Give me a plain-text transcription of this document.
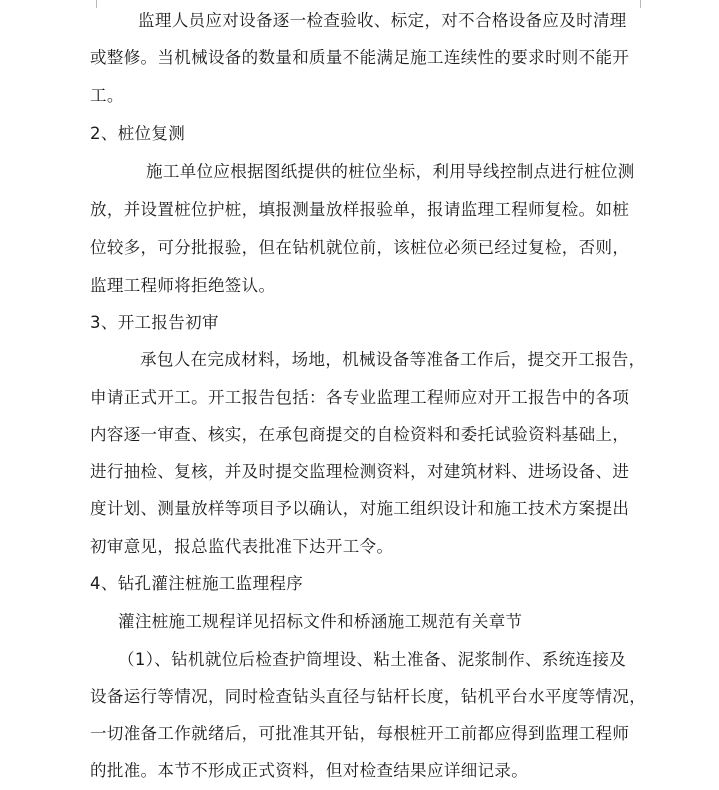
监理人员应对设备逐一检查验收、标定，对不合格设备应及时清理
或整修。当机械设备的数量和质量不能满足施工连续性的要求时则不能开
工。
2、桩位复测
施工单位应根据图纸提供的桩位坐标，利用导线控制点进行桩位测
放，并设置桩位护桩，填报测量放样报验单，报请监理工程师复检。如桩
位较多，可分批报验，但在钻机就位前，该桩位必须已经过复检，否则，
监理工程师将拒绝签认。
3、开工报告初审
承包人在完成材料，场地，机械设备等准备工作后，提交开工报告，
申请正式开工。开工报告包括：各专业监理工程师应对开工报告中的各项
内容逐一审查、核实，在承包商提交的自检资料和委托试验资料基础上，
进行抽检、复核，并及时提交监理检测资料，对建筑材料、进场设备、进
度计划、测量放样等项目予以确认，对施工组织设计和施工技术方案提出
初审意见，报总监代表批准下达开工令。
4、钻孔灌注桩施工监理程序
灌注桩施工规程详见招标文件和桥涵施工规范有关章节
（1）、钻机就位后检查护筒埋设、粘土准备、泥浆制作、系统连接及
设备运行等情况，同时检查钻头直径与钻杆长度，钻机平台水平度等情况，
一切准备工作就绪后，可批准其开钻，每根桩开工前都应得到监理工程师
的批准。本节不形成正式资料，但对检查结果应详细记录。
